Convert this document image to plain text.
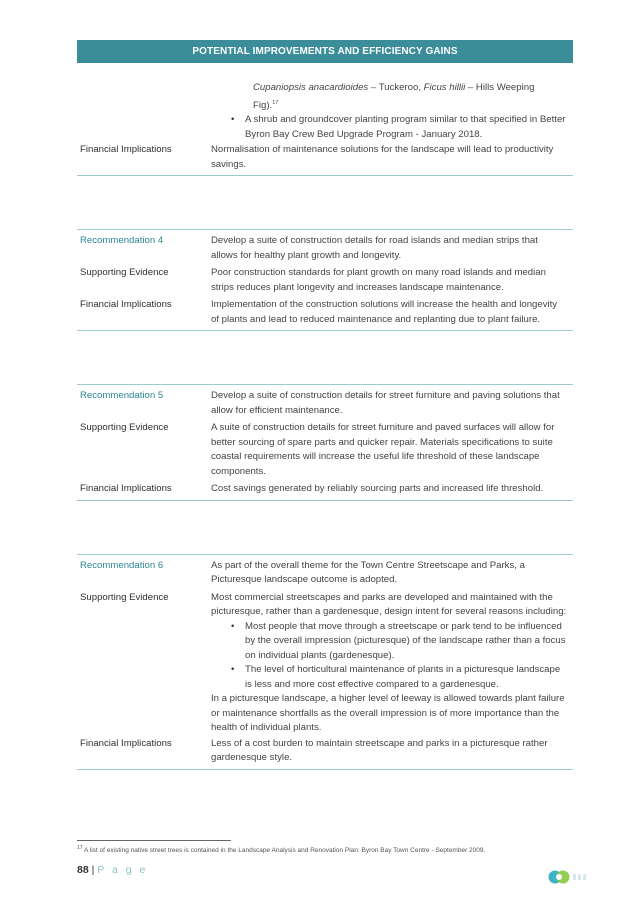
POTENTIAL IMPROVEMENTS AND EFFICIENCY GAINS
Cupaniopsis anacardioides – Tuckeroo, Ficus hillii – Hills Weeping
Fig).$^{17}$
• A shrub and groundcover planting program similar to that specified in Better Byron Bay Crew Bed Upgrade Program - January 2018.
Financial Implications	Normalisation of maintenance solutions for the landscape will lead to productivity savings.
Recommendation 4	Develop a suite of construction details for road islands and median strips that allows for healthy plant growth and longevity.
Supporting Evidence	Poor construction standards for plant growth on many road islands and median strips reduces plant longevity and increases landscape maintenance.
Financial Implications	Implementation of the construction solutions will increase the health and longevity of plants and lead to reduced maintenance and replanting due to plant failure.
Recommendation 5	Develop a suite of construction details for street furniture and paving solutions that allow for efficient maintenance.
Supporting Evidence	A suite of construction details for street furniture and paved surfaces will allow for better sourcing of spare parts and quicker repair. Materials specifications to suite coastal requirements will increase the useful life threshold of these landscape components.
Financial Implications	Cost savings generated by reliably sourcing parts and increased life threshold.
Recommendation 6	As part of the overall theme for the Town Centre Streetscape and Parks, a Picturesque landscape outcome is adopted.
Supporting Evidence	Most commercial streetscapes and parks are developed and maintained with the picturesque, rather than a gardenesque, design intent for several reasons including:
• Most people that move through a streetscape or park tend to be influenced by the overall impression (picturesque) of the landscape rather than a focus on individual plants (gardenesque).
• The level of horticultural maintenance of plants in a picturesque landscape is less and more cost effective compared to a gardenesque.
In a picturesque landscape, a higher level of leeway is allowed towards plant failure or maintenance shortfalls as the overall impression is of more importance than the health of individual plants.
Financial Implications	Less of a cost burden to maintain streetscape and parks in a picturesque rather gardenesque style.
$^{17}$ A list of existing native street trees is contained in the Landscape Analysis and Renovation Plan: Byron Bay Town Centre - September 2009.
88 | P a g e
